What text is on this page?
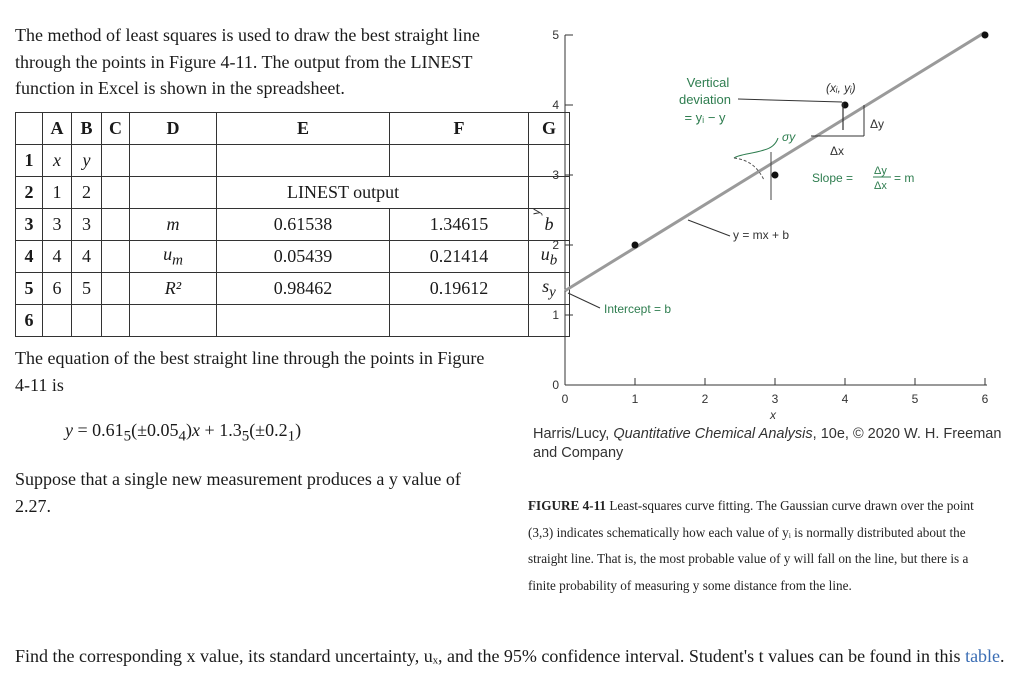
The method of least squares is used to draw the best straight line through the points in Figure 4-11. The output from the LINEST function in Excel is shown in the spreadsheet.
	A	B	C	D	E	F	G
1	x	y					
2	1	2			LINEST output		
3	3	3		m	0.61538	1.34615	b
4	4	4		$u_m$	0.05439	0.21414	$u_b$
5	6	5		R²	0.98462	0.19612	$s_y$
6							
The equation of the best straight line through the points in Figure 4-11 is
$y = 0.61_5(\pm 0.05_4)x + 1.3_5(\pm 0.2_1)$
Suppose that a single new measurement produces a y value of 2.27.
0	1	2	3	4	5	6
0
1
2
3
4
5
Vertical
deviation
= yᵢ − y
σy
Δy
Δx
(xᵢ, yᵢ)
Slope = Δy
Δx
= m
y = mx + b
Intercept = b
y
x
Harris/Lucy, Quantitative Chemical Analysis, 10e, © 2020 W. H. Freeman and Company
FIGURE 4-11 Least-squares curve fitting. The Gaussian curve drawn over the point (3,3) indicates schematically how each value of yᵢ is normally distributed about the straight line. That is, the most probable value of y will fall on the line, but there is a finite probability of measuring y some distance from the line.
Find the corresponding x value, its standard uncertainty, uₓ, and the 95% confidence interval. Student's t values can be found in this table.
